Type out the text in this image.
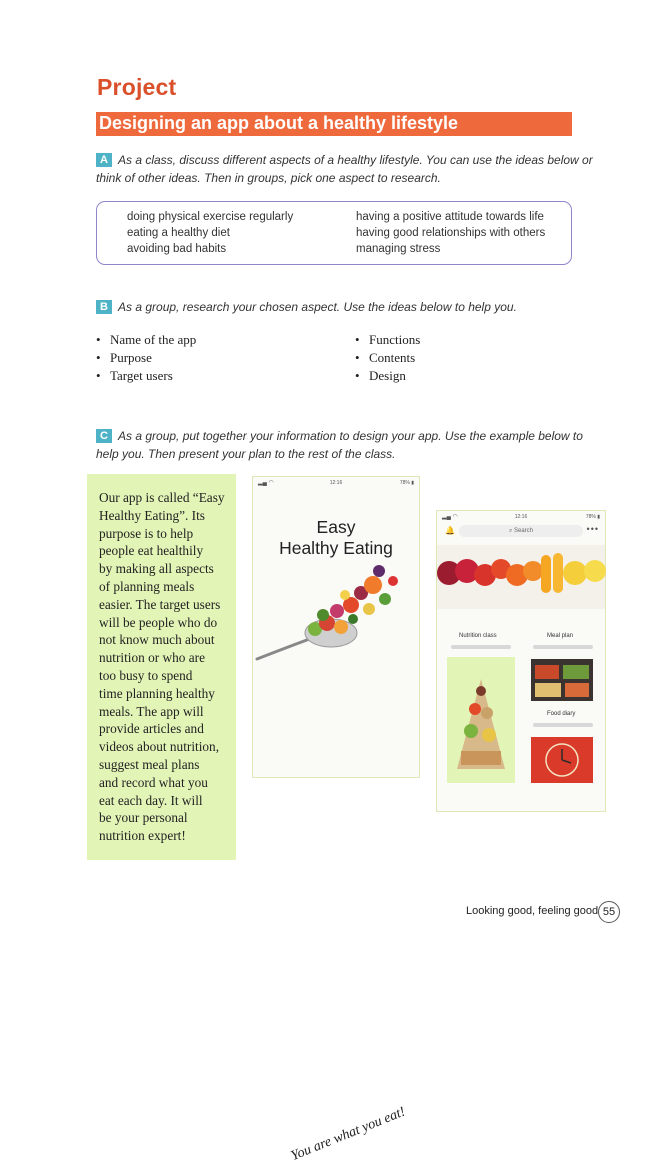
Project
Designing an app about a healthy lifestyle
A As a class, discuss different aspects of a healthy lifestyle. You can use the ideas below or
think of other ideas. Then in groups, pick one aspect to research.
doing physical exercise regularly
eating a healthy diet
avoiding bad habits
having a positive attitude towards life
having good relationships with others
managing stress
B As a group, research your chosen aspect. Use the ideas below to help you.
• Name of the app
• Purpose
• Target users
• Functions
• Contents
• Design
C As a group, put together your information to design your app. Use the example below to
help you. Then present your plan to the rest of the class.
Our app is called “Easy
Healthy Eating”. Its
purpose is to help
people eat healthily
by making all aspects
of planning meals
easier. The target users
will be people who do
not know much about
nutrition or who are
too busy to spend
time planning healthy
meals. The app will
provide articles and
videos about nutrition,
suggest meal plans
and record what you
eat each day. It will
be your personal
nutrition expert!
▂▄ ◠	12:16	78% ▮
Easy
Healthy Eating
You are what you eat!
▂▄ ◠	12:16	78% ▮
🔔	⌕ Search	•••
Nutrition class	Meal plan
Food diary
Looking good, feeling good 55
